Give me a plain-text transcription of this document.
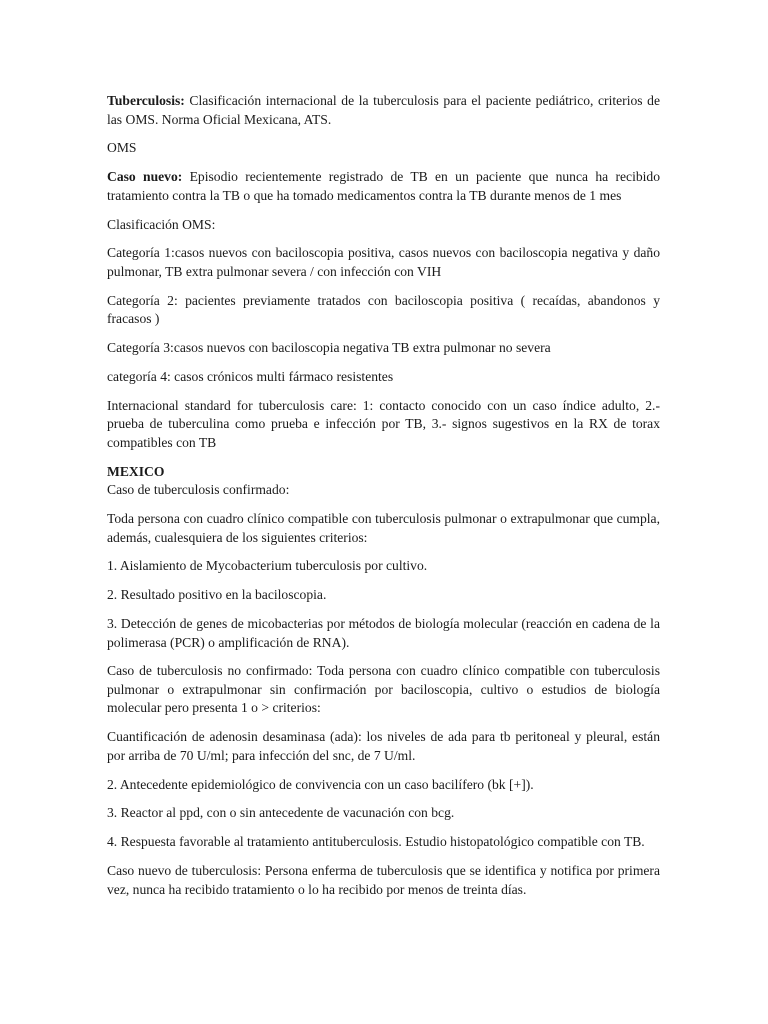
Tuberculosis: Clasificación internacional de la tuberculosis para el paciente pediátrico, criterios de las OMS. Norma Oficial Mexicana, ATS.

OMS

Caso nuevo: Episodio recientemente registrado de TB en un paciente que nunca ha recibido tratamiento contra la TB o que ha tomado medicamentos contra la TB durante menos de 1 mes

Clasificación OMS:

Categoría 1:casos nuevos con baciloscopia positiva, casos nuevos con baciloscopia negativa y daño pulmonar, TB extra pulmonar severa / con infección con VIH

Categoría 2: pacientes previamente tratados con baciloscopia positiva ( recaídas, abandonos y fracasos )

Categoría 3:casos nuevos con baciloscopia negativa TB extra pulmonar no severa

categoría 4: casos crónicos multi fármaco resistentes

Internacional standard for tuberculosis care: 1: contacto conocido con un caso índice adulto, 2.- prueba de tuberculina como prueba e infección por TB, 3.- signos sugestivos en la RX de torax compatibles con TB

MEXICO

Caso de tuberculosis confirmado:

Toda persona con cuadro clínico compatible con tuberculosis pulmonar o extrapulmonar que cumpla, además, cualesquiera de los siguientes criterios:

1. Aislamiento de Mycobacterium tuberculosis por cultivo.

2. Resultado positivo en la baciloscopia.

3. Detección de genes de micobacterias por métodos de biología molecular (reacción en cadena de la polimerasa (PCR) o amplificación de RNA).

Caso de tuberculosis no confirmado: Toda persona con cuadro clínico compatible con tuberculosis pulmonar o extrapulmonar sin confirmación por baciloscopia, cultivo o estudios de biología molecular pero presenta 1 o > criterios:

Cuantificación de adenosin desaminasa (ada): los niveles de ada para tb peritoneal y pleural, están por arriba de 70 U/ml; para infección del snc, de 7 U/ml.

2. Antecedente epidemiológico de convivencia con un caso bacilífero (bk [+]).

3. Reactor al ppd, con o sin antecedente de vacunación con bcg.

4. Respuesta favorable al tratamiento antituberculosis. Estudio histopatológico compatible con TB.

Caso nuevo de tuberculosis: Persona enferma de tuberculosis que se identifica y notifica por primera vez, nunca ha recibido tratamiento o lo ha recibido por menos de treinta días.
